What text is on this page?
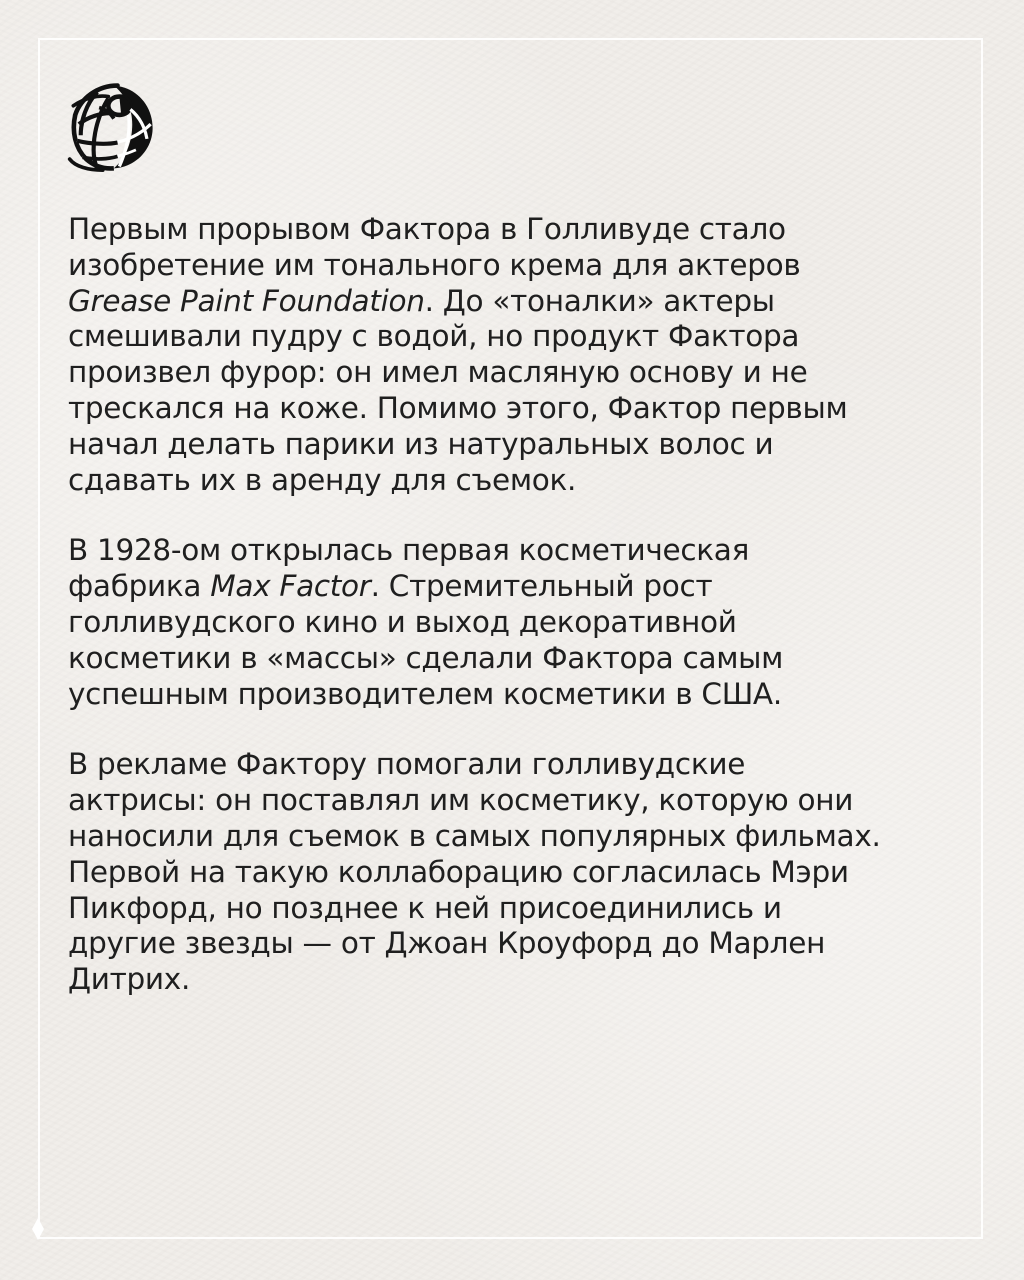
Первым прорывом Фактора в Голливуде стало
изобретение им тонального крема для актеров
Grease Paint Foundation. До «тоналки» актеры
смешивали пудру с водой, но продукт Фактора
произвел фурор: он имел масляную основу и не
трескался на коже. Помимо этого, Фактор первым
начал делать парики из натуральных волос и
сдавать их в аренду для съемок.

В 1928-ом открылась первая косметическая
фабрика Max Factor. Стремительный рост
голливудского кино и выход декоративной
косметики в «массы» сделали Фактора самым
успешным производителем косметики в США.

В рекламе Фактору помогали голливудские
актрисы: он поставлял им косметику, которую они
наносили для съемок в самых популярных фильмах.
Первой на такую коллаборацию согласилась Мэри
Пикфорд, но позднее к ней присоединились и
другие звезды — от Джоан Кроуфорд до Марлен
Дитрих.
